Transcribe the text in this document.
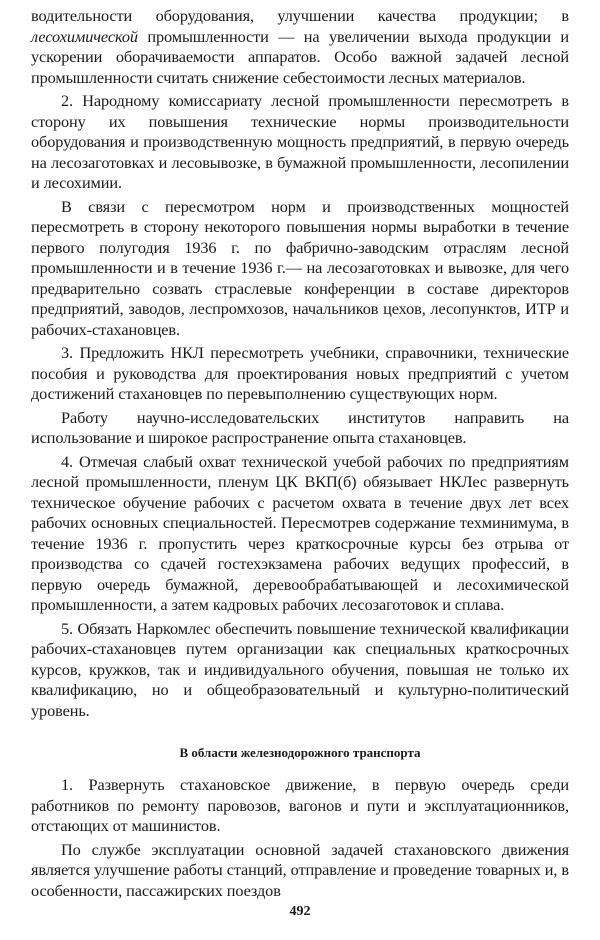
водительности оборудования, улучшении качества продукции; в лесохимической промышленности — на увеличении выхода продукции и ускорении оборачиваемости аппаратов. Особо важной задачей лесной промышленности считать снижение себестоимости лесных материалов.

2. Народному комиссариату лесной промышленности пересмотреть в сторону их повышения технические нормы производительности оборудования и производственную мощность предприятий, в первую очередь на лесозаготовках и лесовывозке, в бумажной промышленности, лесопилении и лесохимии.

В связи с пересмотром норм и производственных мощностей пересмотреть в сторону некоторого повышения нормы выработки в течение первого полугодия 1936 г. по фабрично-заводским отраслям лесной промышленности и в течение 1936 г.— на лесозаготовках и вывозке, для чего предварительно созвать страслевые конференции в составе директоров предприятий, заводов, леспромхозов, начальников цехов, лесопунктов, ИТР и рабочих-стахановцев.

3. Предложить НКЛ пересмотреть учебники, справочники, технические пособия и руководства для проектирования новых предприятий с учетом достижений стахановцев по перевыполнению существующих норм.

Работу научно-исследовательских институтов направить на использование и широкое распространение опыта стахановцев.

4. Отмечая слабый охват технической учебой рабочих по предприятиям лесной промышленности, пленум ЦК ВКП(б) обязывает НКЛес развернуть техническое обучение рабочих с расчетом охвата в течение двух лет всех рабочих основных специальностей. Пересмотрев содержание техминимума, в течение 1936 г. пропустить через краткосрочные курсы без отрыва от производства со сдачей гостехэкзамена рабочих ведущих профессий, в первую очередь бумажной, деревообрабатывающей и лесохимической промышленности, а затем кадровых рабочих лесозаготовок и сплава.

5. Обязать Наркомлес обеспечить повышение технической квалификации рабочих-стахановцев путем организации как специальных краткосрочных курсов, кружков, так и индивидуального обучения, повышая не только их квалификацию, но и общеобразовательный и культурно-политический уровень.

В области железнодорожного транспорта

1. Развернуть стахановское движение, в первую очередь среди работников по ремонту паровозов, вагонов и пути и эксплуатационников, отстающих от машинистов.

По службе эксплуатации основной задачей стахановского движения является улучшение работы станций, отправление и проведение товарных и, в особенности, пассажирских поездов

492
